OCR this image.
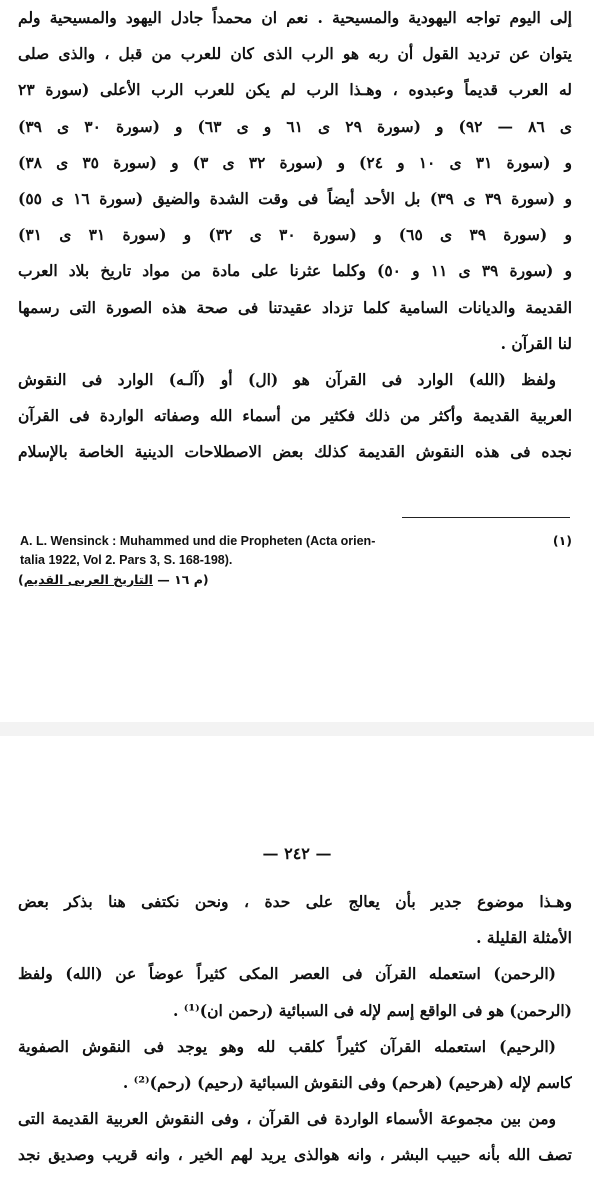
إلى اليوم تواجه اليهودية والمسيحية . نعم ان محمداً جادل اليهود والمسيحية ولم
يتوان عن ترديد القول أن ربه هو الرب الذى كان للعرب من قبل ، والذى صلى
له العرب قديماً وعبدوه ، وهـذا الرب لم يكن للعرب الرب الأعلى (سورة ٢٣
ى ٨٦ — ٩٢) و (سورة ٢٩ ى ٦١ و ى ٦٣) و (سورة ٣٠ ى ٣٩)
و (سورة ٣١ ى ١٠ و ٢٤) و (سورة ٣٢ ى ٣) و (سورة ٣٥ ى ٣٨)
و (سورة ٣٩ ى ٣٩) بل الأحد أيضاً فى وقت الشدة والضيق (سورة ١٦ ى ٥٥)
و (سورة ٣٩ ى ٦٥) و (سورة ٣٠ ى ٣٢) و (سورة ٣١ ى ٣١)
و (سورة ٣٩ ى ١١ و ٥٠) وكلما عثرنا على مادة من مواد تاريخ بلاد العرب
القديمة والديانات السامية كلما تزداد عقيدتنا فى صحة هذه الصورة التى رسمها
لنا القرآن .
ولفظ (الله) الوارد فى القرآن هو (ال) أو (آلـه) الوارد فى النقوش
العربية القديمة وأكثر من ذلك فكثير من أسماء الله وصفاته الواردة فى القرآن
نجده فى هذه النقوش القديمة كذلك بعض الاصطلاحات الدينية الخاصة بالإسلام
(١)
A. L. Wensinck : Muhammed und die Propheten (Acta orien-
talia 1922, Vol 2. Pars 3, S. 168-198).
(م ١٦ — التاريخ العربى القديم)
— ٢٤٢ —
وهـذا موضوع جدير بأن يعالج على حدة ، ونحن نكتفى هنا بذكر بعض
الأمثلة القليلة .
(الرحمن) استعمله القرآن فى العصر المكى كثيراً عوضاً عن (الله) ولفظ
(الرحمن) هو فى الواقع إسم لإله فى السبائية (رحمن ان)⁽¹⁾ .
(الرحيم) استعمله القرآن كثيراً كلقب لله وهو يوجد فى النقوش الصفوية
كاسم لإله (هرحيم) (هرحم) وفى النقوش السبائية (رحيم) (رحم)⁽²⁾ .
ومن بين مجموعة الأسماء الواردة فى القرآن ، وفى النقوش العربية القديمة التى
تصف الله بأنه حبيب البشر ، وانه هوالذى يريد لهم الخير ، وانه قريب وصديق نجد
